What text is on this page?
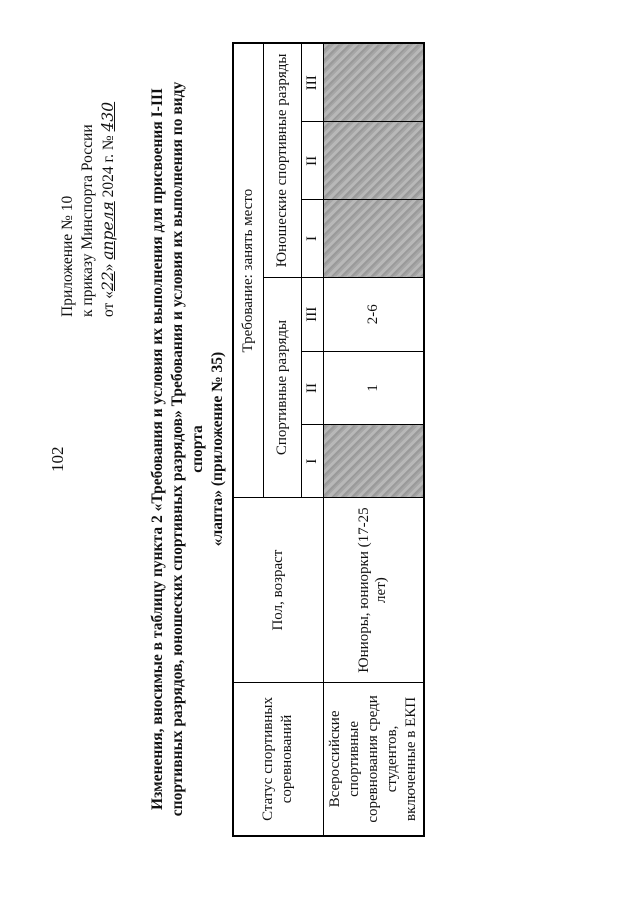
102
Приложение № 10 к приказу Минспорта России от «22» апреля 2024 г. № 430 Изменения, вносимые в таблицу пункта 2 «Требования и условия их выполнения для присвоения I-III спортивных разрядов, юношеских спортивных разрядов» Требования и условия их выполнения по виду спорта «лапта» (приложение № 35)
Статус спортивных соревнований	Пол, возраст	Требование: занять место					
		Спортивные разряды			Юношеские спортивные разряды		
		I	II	III	I	II	III
Всероссийские спортивные соревнования среди студентов, включенные в ЕКП	Юниоры, юниорки (17-25 лет)		1	2-6			
